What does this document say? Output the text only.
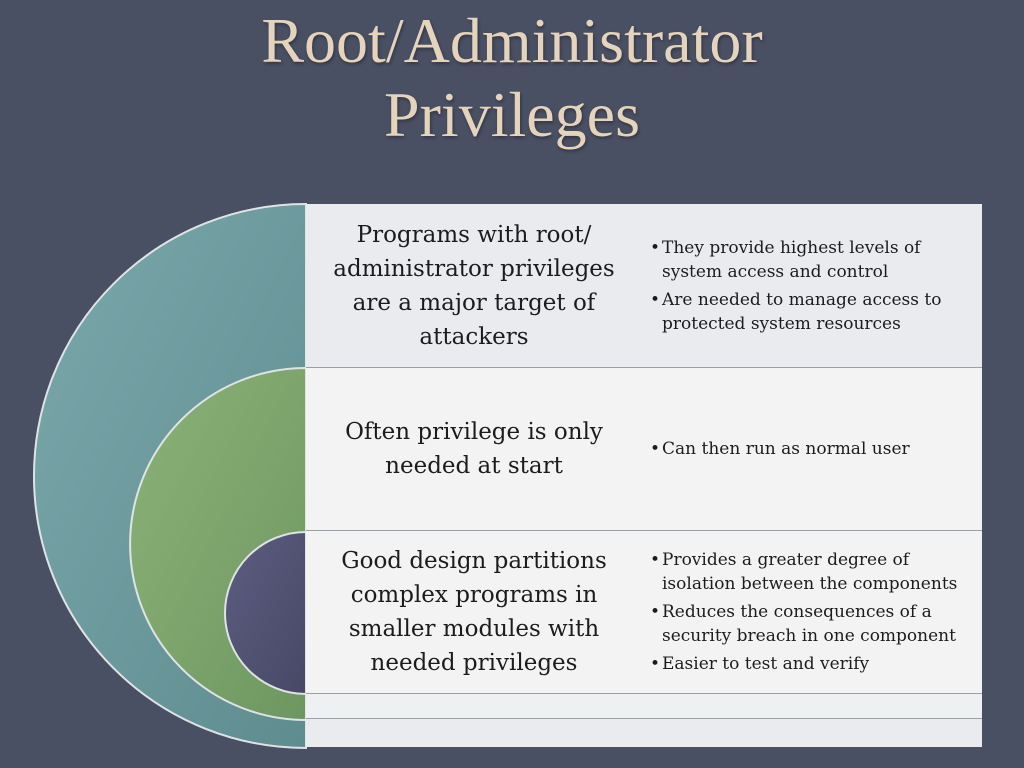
Root/Administrator
Privileges
Programs with root/ administrator privileges are a major target of attackers
• They provide highest levels of system access and control
• Are needed to manage access to protected system resources
Often privilege is only needed at start
• Can then run as normal user
Good design partitions complex programs in smaller modules with needed privileges
• Provides a greater degree of isolation between the components
• Reduces the consequences of a security breach in one component
• Easier to test and verify
